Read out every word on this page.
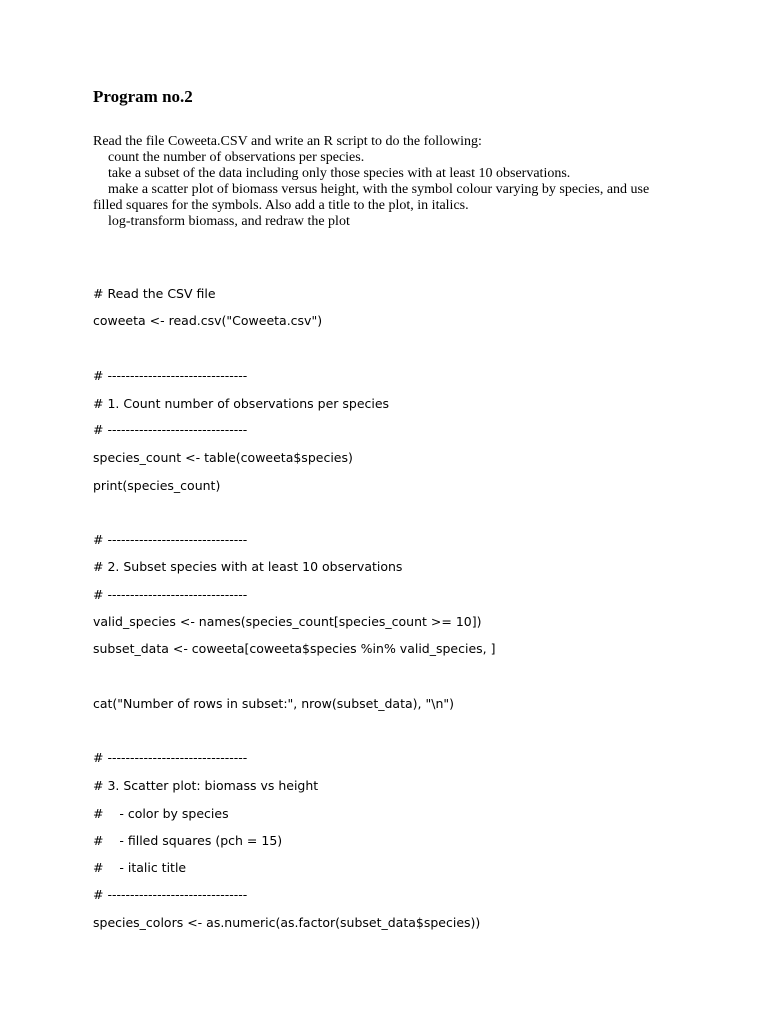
Program no.2

Read the file Coweeta.CSV and write an R script to do the following:

count the number of observations per species.

take a subset of the data including only those species with at least 10 observations.

make a scatter plot of biomass versus height, with the symbol colour varying by species, and use filled squares for the symbols. Also add a title to the plot, in italics.

log-transform biomass, and redraw the plot

# Read the CSV file
coweeta <- read.csv("Coweeta.csv")
# -------------------------------
# 1. Count number of observations per species
# -------------------------------
species_count <- table(coweeta$species)
print(species_count)
# -------------------------------
# 2. Subset species with at least 10 observations
# -------------------------------
valid_species <- names(species_count[species_count >= 10])
subset_data <- coweeta[coweeta$species %in% valid_species, ]
cat("Number of rows in subset:", nrow(subset_data), "\n")
# -------------------------------
# 3. Scatter plot: biomass vs height
#    - color by species
#    - filled squares (pch = 15)
#    - italic title
# -------------------------------
species_colors <- as.numeric(as.factor(subset_data$species))
